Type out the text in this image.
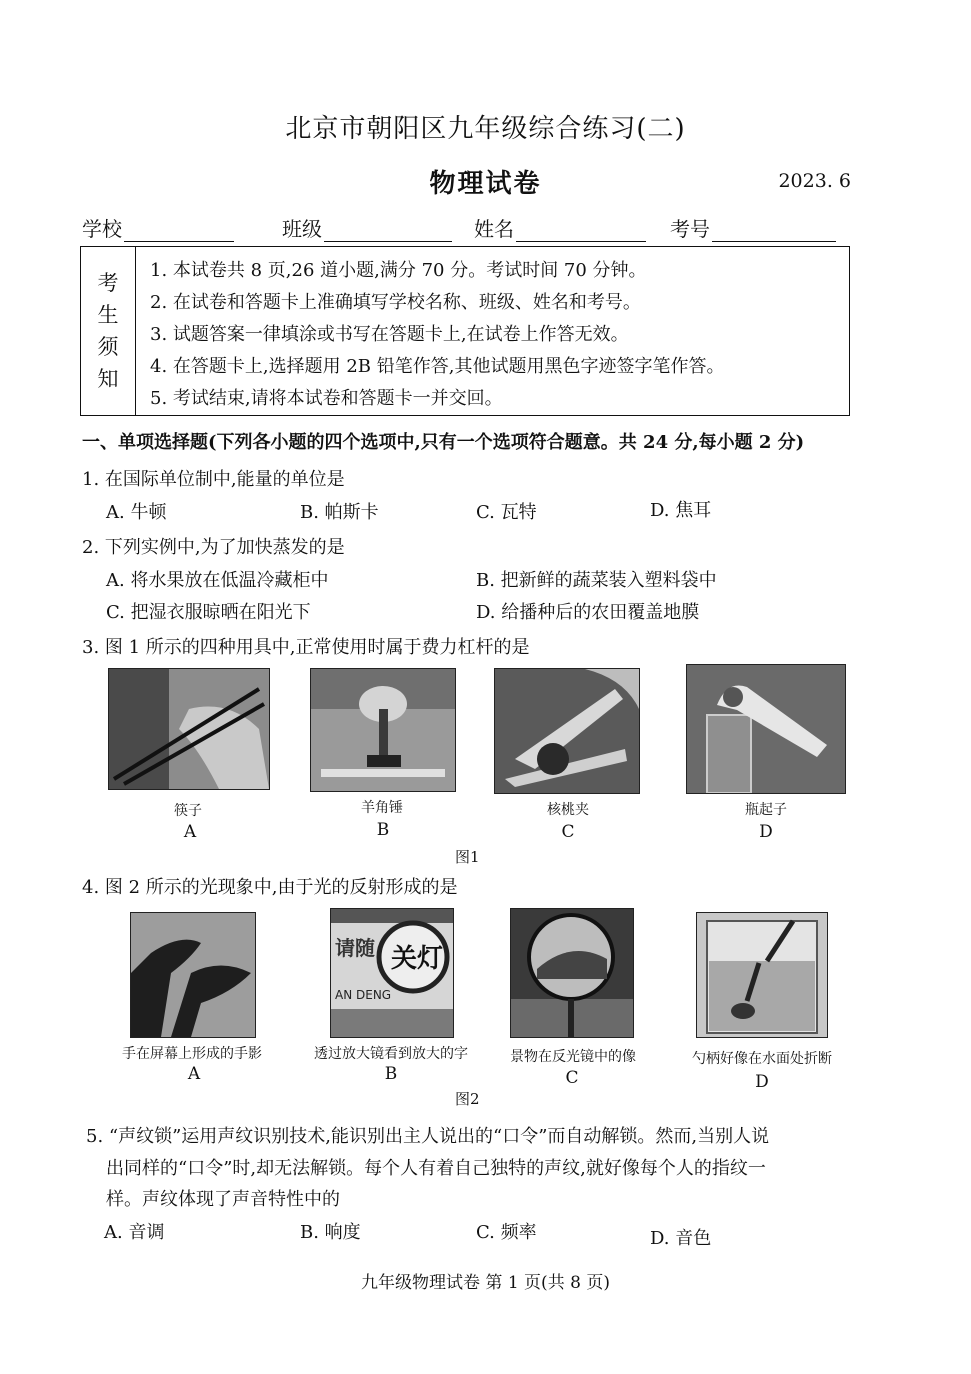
北京市朝阳区九年级综合练习(二)
物理试卷	2023. 6
学校	班级	姓名	考号
考
生
须
知
1. 本试卷共 8 页,26 道小题,满分 70 分。考试时间 70 分钟。
2. 在试卷和答题卡上准确填写学校名称、班级、姓名和考号。
3. 试题答案一律填涂或书写在答题卡上,在试卷上作答无效。
4. 在答题卡上,选择题用 2B 铅笔作答,其他试题用黑色字迹签字笔作答。
5. 考试结束,请将本试卷和答题卡一并交回。
一、单项选择题(下列各小题的四个选项中,只有一个选项符合题意。共 24 分,每小题 2 分)
1. 在国际单位制中,能量的单位是
A. 牛顿	B. 帕斯卡	C. 瓦特	D. 焦耳
2. 下列实例中,为了加快蒸发的是
A. 将水果放在低温冷藏柜中	B. 把新鲜的蔬菜装入塑料袋中
C. 把湿衣服晾晒在阳光下	D. 给播种后的农田覆盖地膜
3. 图 1 所示的四种用具中,正常使用时属于费力杠杆的是
筷子	羊角锤	核桃夹	瓶起子
A	B	C	D
图1
4. 图 2 所示的光现象中,由于光的反射形成的是
请随 关灯
AN DENG
手在屏幕上形成的手影	透过放大镜看到放大的字	景物在反光镜中的像	勺柄好像在水面处折断
A	B	C	D
图2
5. “声纹锁”运用声纹识别技术,能识别出主人说出的“口令”而自动解锁。然而,当别人说
出同样的“口令”时,却无法解锁。每个人有着自己独特的声纹,就好像每个人的指纹一
样。声纹体现了声音特性中的
A. 音调	B. 响度	C. 频率	D. 音色
九年级物理试卷 第 1 页(共 8 页)
